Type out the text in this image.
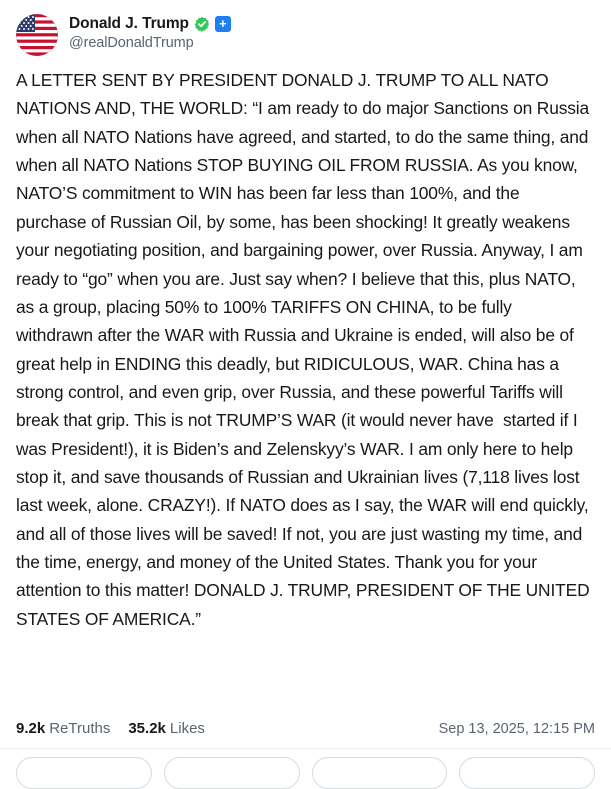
Donald J. Trump	+
@realDonaldTrump

A LETTER SENT BY PRESIDENT DONALD J. TRUMP TO ALL NATO NATIONS AND, THE WORLD: “I am ready to do major Sanctions on Russia when all NATO Nations have agreed, and started, to do the same thing, and when all NATO Nations STOP BUYING OIL FROM RUSSIA. As you know, NATO’S commitment to WIN has been far less than 100%, and the purchase of Russian Oil, by some, has been shocking! It greatly weakens your negotiating position, and bargaining power, over Russia. Anyway, I am ready to “go” when you are. Just say when? I believe that this, plus NATO, as a group, placing 50% to 100% TARIFFS ON CHINA, to be fully withdrawn after the WAR with Russia and Ukraine is ended, will also be of great help in ENDING this deadly, but RIDICULOUS, WAR. China has a strong control, and even grip, over Russia, and these powerful Tariffs will break that grip. This is not TRUMP’S WAR (it would never have  started if I was President!), it is Biden’s and Zelenskyy’s WAR. I am only here to help stop it, and save thousands of Russian and Ukrainian lives (7,118 lives lost last week, alone. CRAZY!). If NATO does as I say, the WAR will end quickly, and all of those lives will be saved! If not, you are just wasting my time, and the time, energy, and money of the United States. Thank you for your attention to this matter! DONALD J. TRUMP, PRESIDENT OF THE UNITED STATES OF AMERICA.”

9.2k ReTruths 35.2k Likes	Sep 13, 2025, 12:15 PM
